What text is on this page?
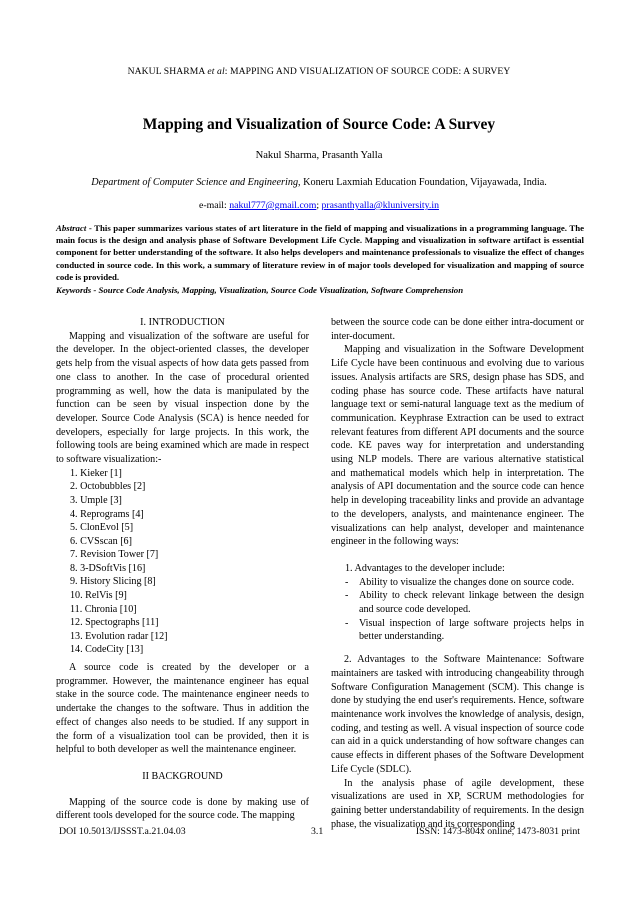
NAKUL SHARMA et al: MAPPING AND VISUALIZATION OF SOURCE CODE: A SURVEY
Mapping and Visualization of Source Code: A Survey
Nakul Sharma, Prasanth Yalla
Department of Computer Science and Engineering, Koneru Laxmiah Education Foundation, Vijayawada, India.
e-mail: nakul777@gmail.com; prasanthyalla@kluniversity.in
Abstract - This paper summarizes various states of art literature in the field of mapping and visualizations in a programming language. The main focus is the design and analysis phase of Software Development Life Cycle. Mapping and visualization in software artifact is essential component for better understanding of the software. It also helps developers and maintenance professionals to visualize the effect of changes conducted in source code. In this work, a summary of literature review in of major tools developed for visualization and mapping of source code is provided.
Keywords - Source Code Analysis, Mapping, Visualization, Source Code Visualization, Software Comprehension

I. INTRODUCTION

Mapping and visualization of the software are useful for the developer. In the object-oriented classes, the developer gets help from the visual aspects of how data gets passed from one class to another. In the case of procedural oriented programming as well, how the data is manipulated by the function can be seen by visual inspection done by the developer. Source Code Analysis (SCA) is hence needed for developers, especially for large projects. In this work, the following tools are being examined which are made in respect to software visualization:-

1. Kieker [1]
2. Octobubbles [2]
3. Umple [3]
4. Reprograms [4]
5. ClonEvol [5]
6. CVSscan [6]
7. Revision Tower [7]
8. 3-DSoftVis [16]
9. History Slicing [8]
10. RelVis [9]
11. Chronia [10]
12. Spectographs [11]
13. Evolution radar [12]
14. CodeCity [13]

A source code is created by the developer or a programmer. However, the maintenance engineer has equal stake in the source code. The maintenance engineer needs to undertake the changes to the software. Thus in addition the effect of changes also needs to be studied. If any support in the form of a visualization tool can be provided, then it is helpful to both developer as well the maintenance engineer.

II BACKGROUND

Mapping of the source code is done by making use of different tools developed for the source code. The mapping

between the source code can be done either intra-document or inter-document.

Mapping and visualization in the Software Development Life Cycle have been continuous and evolving due to various issues. Analysis artifacts are SRS, design phase has SDS, and coding phase has source code. These artifacts have natural language text or semi-natural language text as the medium of communication. Keyphrase Extraction can be used to extract relevant features from different API documents and the source code. KE paves way for interpretation and understanding using NLP models. There are various alternative statistical and mathematical models which help in interpretation. The analysis of API documentation and the source code can hence help in developing traceability links and provide an advantage to the developers, analysts, and maintenance engineer. The visualizations can help analyst, developer and maintenance engineer in the following ways:

1. Advantages to the developer include:

-	Ability to visualize the changes done on source code.
-	Ability to check relevant linkage between the design and source code developed.
-	Visual inspection of large software projects helps in better understanding.

2. Advantages to the Software Maintenance: Software maintainers are tasked with introducing changeability through Software Configuration Management (SCM). This change is done by studying the end user's requirements. Hence, software maintenance work involves the knowledge of analysis, design, coding, and testing as well. A visual inspection of source code can aid in a quick understanding of how software changes can cause effects in different phases of the Software Development Life Cycle (SDLC).

In the analysis phase of agile development, these visualizations are used in XP, SCRUM methodologies for gaining better understandability of requirements. In the design phase, the visualization and its corresponding

DOI 10.5013/IJSSST.a.21.04.03	3.1	ISSN: 1473-804x online, 1473-8031 print
